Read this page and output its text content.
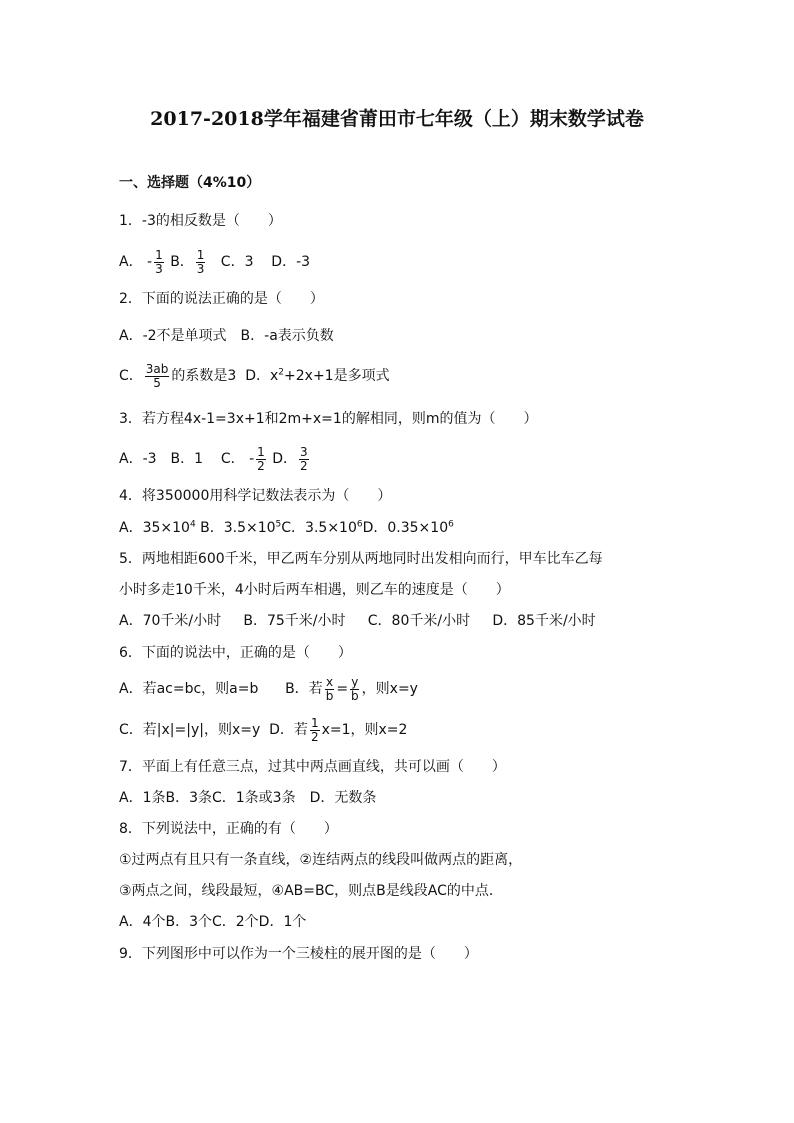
2017-2018学年福建省莆田市七年级（上）期末数学试卷
一、选择题（4%10）
1．-3的相反数是（　　）
A． - $\frac{1}{3}$ B． $\frac{1}{3}$ C．3 D．-3
2．下面的说法正确的是（　　）
A．-2不是单项式　B．-a表示负数
C． $\frac{3ab}{5}$ 的系数是3 D．$x^2+2x+1$是多项式
3．若方程4x-1=3x+1和2m+x=1的解相同，则m的值为（　　）
A．-3　B．1 C． - $\frac{1}{2}$ D． $\frac{3}{2}$
4．将350000用科学记数法表示为（　　）
A．$35\times 10^4$ B．$3.5\times 10^5C$．$3.5\times 10^6D$．$0.35\times 10^6$
5．两地相距600千米，甲乙两车分别从两地同时出发相向而行，甲车比车乙每
小时多走10千米，4小时后两车相遇，则乙车的速度是（　　）
A．70千米/小时 B．75千米/小时 C．80千米/小时 D．85千米/小时
6．下面的说法中，正确的是（　　）
A．若ac=bc，则a=b B．若 $\frac{x}{b} = \frac{y}{b}$ ，则x=y
C．若|x|=|y|，则x=y D．若 $\frac{1}{2} x=1$，则x=2
7．平面上有任意三点，过其中两点画直线，共可以画（　　）
A．1条B．3条C．1条或3条　D．无数条
8．下列说法中，正确的有（　　）
①过两点有且只有一条直线，②连结两点的线段叫做两点的距离，
③两点之间，线段最短，④AB=BC，则点B是线段AC的中点．
A．4个B．3个C．2个D．1个
9．下列图形中可以作为一个三棱柱的展开图的是（　　）
